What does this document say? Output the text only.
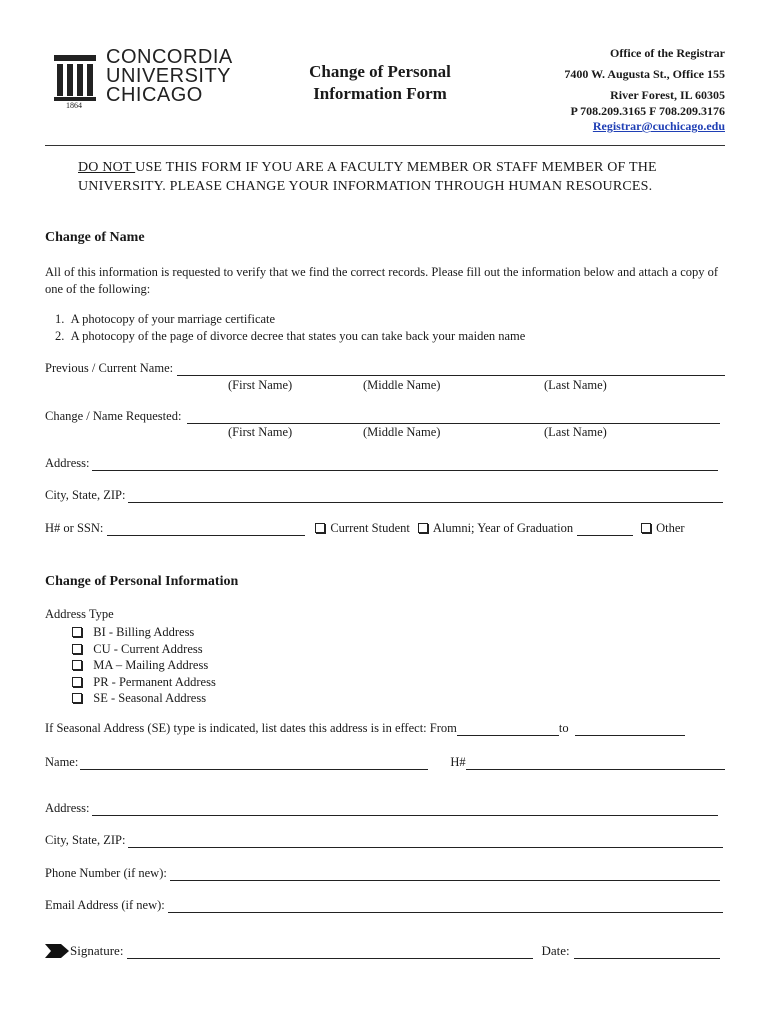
CONCORDIA
UNIVERSITY
CHICAGO
1864
Change of Personal
Information Form
Office of the Registrar
7400 W. Augusta St., Office 155
River Forest, IL 60305
P 708.209.3165 F 708.209.3176
Registrar@cuchicago.edu
DO NOT USE THIS FORM IF YOU ARE A FACULTY MEMBER OR STAFF MEMBER OF THE UNIVERSITY. PLEASE CHANGE YOUR INFORMATION THROUGH HUMAN RESOURCES.
Change of Name
All of this information is requested to verify that we find the correct records. Please fill out the information below and attach a copy of one of the following:
1.  A photocopy of your marriage certificate
2.  A photocopy of the page of divorce decree that states you can take back your maiden name
Previous / Current Name:
(First Name)	(Middle Name)	(Last Name)
Change / Name Requested:
(First Name)	(Middle Name)	(Last Name)
Address:
City, State, ZIP:
H# or SSN:	Current Student	Alumni; Year of Graduation	Other
Change of Personal Information
Address Type
BI - Billing Address
CU - Current Address
MA – Mailing Address
PR - Permanent Address
SE - Seasonal Address
If Seasonal Address (SE) type is indicated, list dates this address is in effect: From	to
Name:	H#
Address:
City, State, ZIP:
Phone Number (if new):
Email Address (if new):
Signature:	Date:
